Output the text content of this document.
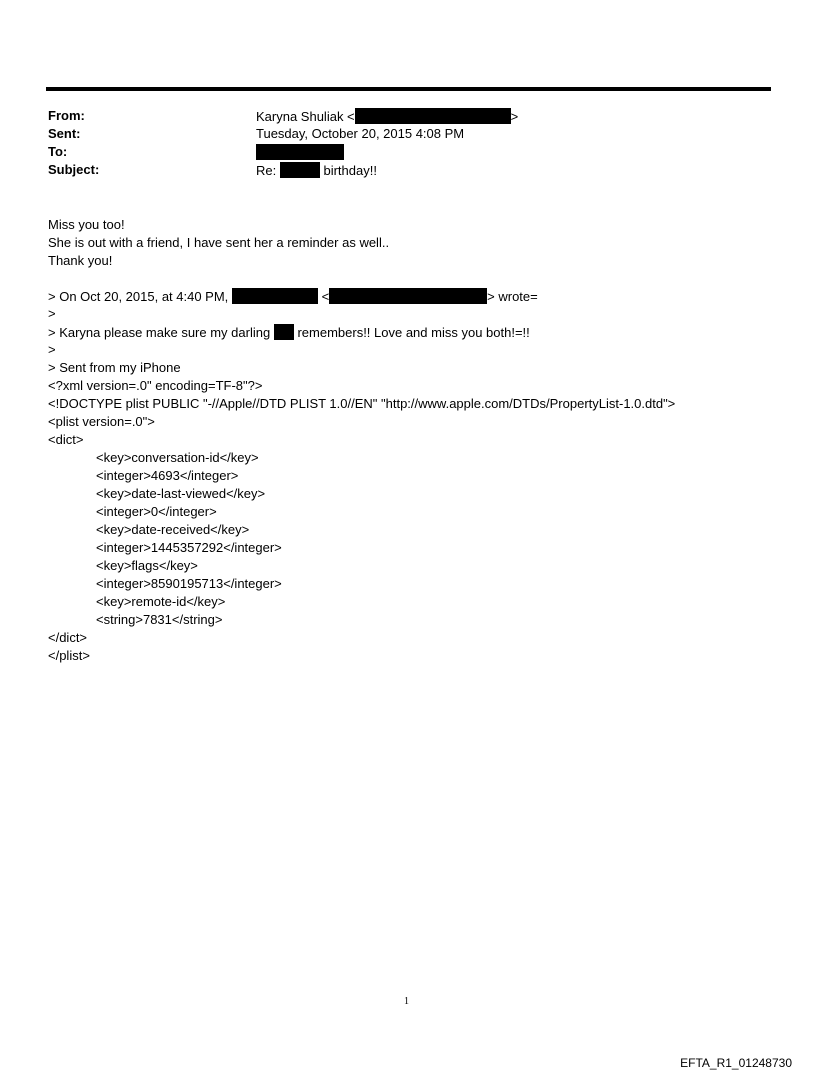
From:	Karyna Shuliak <	>
Sent:	Tuesday, October 20, 2015 4:08 PM
To:
Subject:	Re:	birthday!!
Miss you too!
She is out with a friend, I have sent her a reminder as well..
Thank you!
> On Oct 20, 2015, at 4:40 PM,	<	> wrote=
>
> Karyna please make sure my darling remembers!! Love and miss you both!=!!
>
> Sent from my iPhone
<?xml version=.0" encoding=TF-8"?>
<!DOCTYPE plist PUBLIC "-//Apple//DTD PLIST 1.0//EN" "http://www.apple.com/DTDs/PropertyList-1.0.dtd">
<plist version=.0">
<dict>
<key>conversation-id</key>
<integer>4693</integer>
<key>date-last-viewed</key>
<integer>0</integer>
<key>date-received</key>
<integer>1445357292</integer>
<key>flags</key>
<integer>8590195713</integer>
<key>remote-id</key>
<string>7831</string>
</dict>
</plist>
1
EFTA_R1_01248730
